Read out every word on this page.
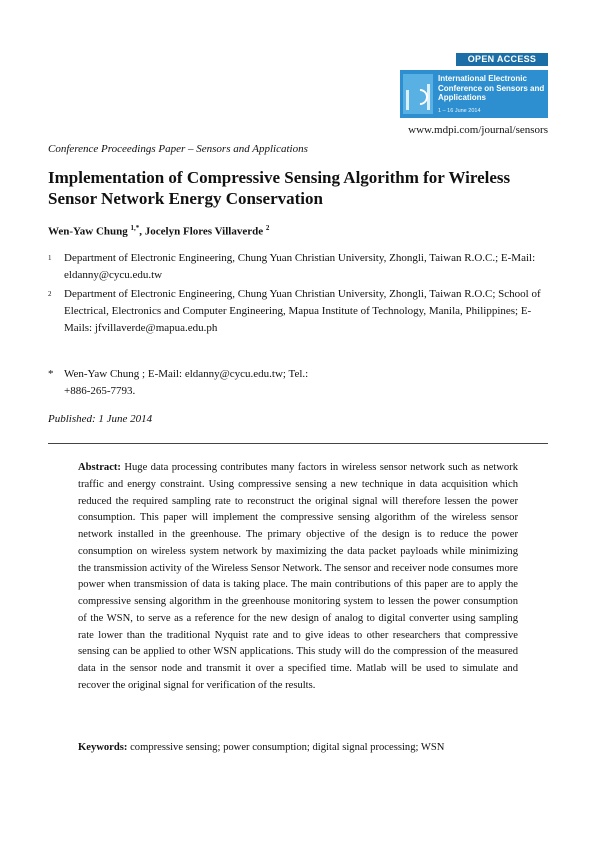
OPEN ACCESS
International Electronic Conference on Sensors and Applications
1 – 16 June 2014
www.mdpi.com/journal/sensors
Conference Proceedings Paper – Sensors and Applications
Implementation of Compressive Sensing Algorithm for Wireless Sensor Network Energy Conservation
Wen-Yaw Chung $^{1,*}$, Jocelyn Flores Villaverde $^2$
1 Department of Electronic Engineering, Chung Yuan Christian University, Zhongli, Taiwan R.O.C.; E-Mail: eldanny@cycu.edu.tw
2 Department of Electronic Engineering, Chung Yuan Christian University, Zhongli, Taiwan R.O.C; School of Electrical, Electronics and Computer Engineering, Mapua Institute of Technology, Manila, Philippines; E-Mails: jfvillaverde@mapua.edu.ph
* Wen-Yaw Chung ; E-Mail: eldanny@cycu.edu.tw; Tel.: +886-265-7793.
Published: 1 June 2014
Abstract: Huge data processing contributes many factors in wireless sensor network such as network traffic and energy constraint. Using compressive sensing a new technique in data acquisition which reduced the required sampling rate to reconstruct the original signal will therefore lessen the power consumption. This paper will implement the compressive sensing algorithm of the wireless sensor network installed in the greenhouse. The primary objective of the design is to reduce the power consumption on wireless system network by maximizing the data packet payloads while minimizing the transmission activity of the Wireless Sensor Network. The sensor and receiver node consumes more power when transmission of data is taking place. The main contributions of this paper are to apply the compressive sensing algorithm in the greenhouse monitoring system to lessen the power consumption of the WSN, to serve as a reference for the new design of analog to digital converter using sampling rate lower than the traditional Nyquist rate and to give ideas to other researchers that compressive sensing can be applied to other WSN applications. This study will do the compression of the measured data in the sensor node and transmit it over a specified time. Matlab will be used to simulate and recover the original signal for verification of the results.
Keywords: compressive sensing; power consumption; digital signal processing; WSN
